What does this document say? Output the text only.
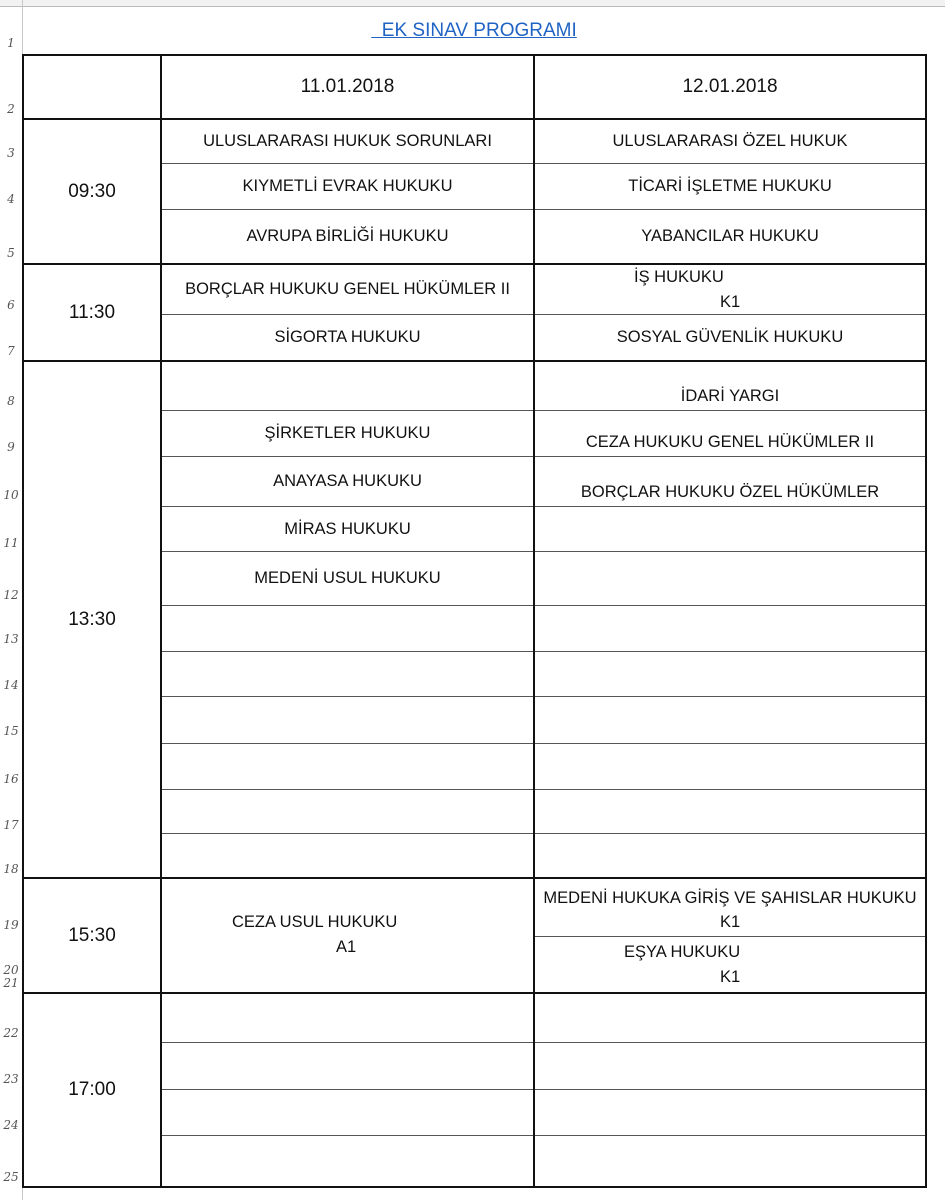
1
2
3
4
5
6
7
8
9
10
11
12
13
14
15
16
17
18
19
20
21
22
23
24
25
EK SINAV PROGRAMI
11.01.2018	12.01.2018
09:30
11:30
13:30
15:30
17:00
ULUSLARARASI HUKUK SORUNLARI
KIYMETLİ EVRAK HUKUKU
AVRUPA BİRLİĞİ HUKUKU
BORÇLAR HUKUKU GENEL HÜKÜMLER II
SİGORTA HUKUKU
ŞİRKETLER HUKUKU
ANAYASA HUKUKU
MİRAS HUKUKU
MEDENİ USUL HUKUKU
CEZA USUL HUKUKU
A1
ULUSLARARASI ÖZEL HUKUK
TİCARİ İŞLETME HUKUKU
YABANCILAR HUKUKU
İŞ HUKUKU
K1
SOSYAL GÜVENLİK HUKUKU
İDARİ YARGI
CEZA HUKUKU GENEL HÜKÜMLER II
BORÇLAR HUKUKU ÖZEL HÜKÜMLER
MEDENİ HUKUKA GİRİŞ VE ŞAHISLAR HUKUKU
K1
EŞYA HUKUKU
K1
